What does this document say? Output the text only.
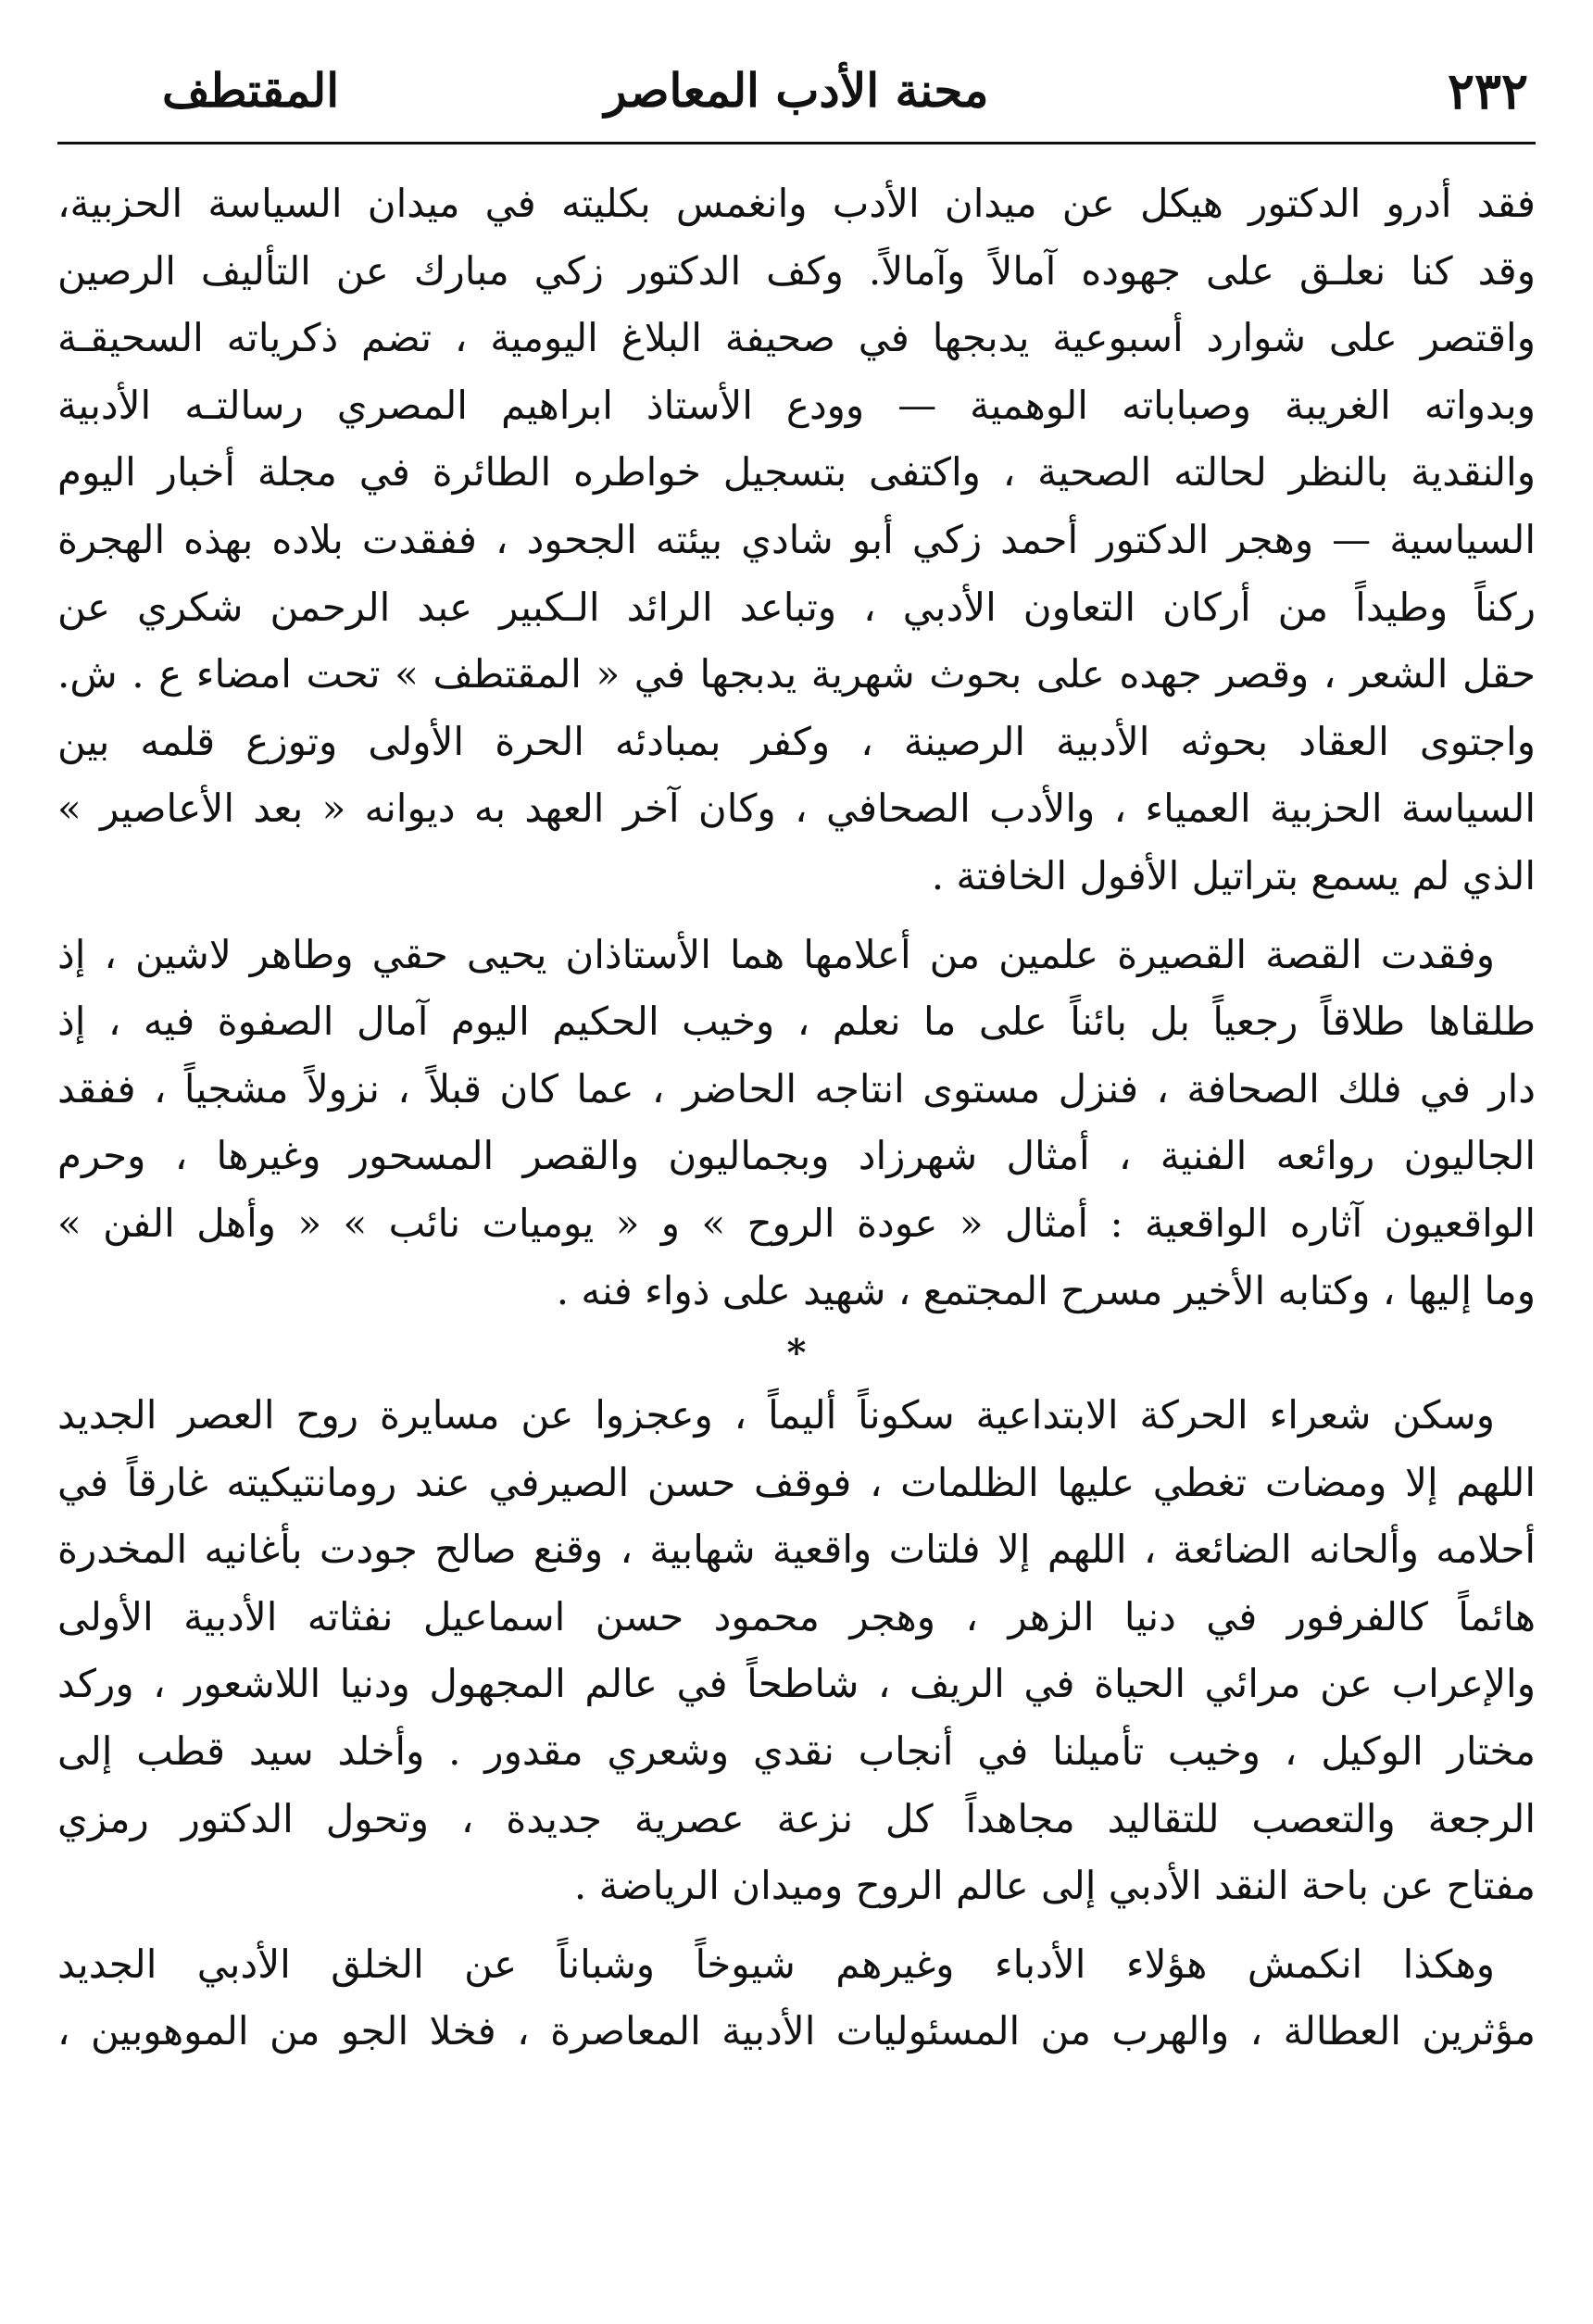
٢٣٢
محنة الأدب المعاصر
المقتطف
فقد أدرو الدكتور هيكل عن ميدان الأدب وانغمس بكليته في ميدان السياسة الحزبية،
وقد كنا نعلـق على جهوده آمالاً وآمالاً. وكف الدكتور زكي مبارك عن التأليف الرصين
واقتصر على شوارد أسبوعية يدبجها في صحيفة البلاغ اليومية ، تضم ذكرياته السحيقـة
وبدواته الغريبة وصباباته الوهمية — وودع الأستاذ ابراهيم المصري رسالتـه الأدبية
والنقدية بالنظر لحالته الصحية ، واكتفى بتسجيل خواطره الطائرة في مجلة أخبار اليوم
السياسية — وهجر الدكتور أحمد زكي أبو شادي بيئته الجحود ، ففقدت بلاده بهذه الهجرة
ركناً وطيداً من أركان التعاون الأدبي ، وتباعد الرائد الـكبير عبد الرحمن شكري عن
حقل الشعر ، وقصر جهده على بحوث شهرية يدبجها في « المقتطف » تحت امضاء ع . ش.
واجتوى العقاد بحوثه الأدبية الرصينة ، وكفر بمبادئه الحرة الأولى وتوزع قلمه بين
السياسة الحزبية العمياء ، والأدب الصحافي ، وكان آخر العهد به ديوانه « بعد الأعاصير »
الذي لم يسمع بتراتيل الأفول الخافتة .
وفقدت القصة القصيرة علمين من أعلامها هما الأستاذان يحيى حقي وطاهر لاشين ، إذ
طلقاها طلاقاً رجعياً بل بائناً على ما نعلم ، وخيب الحكيم اليوم آمال الصفوة فيه ، إذ
دار في فلك الصحافة ، فنزل مستوى انتاجه الحاضر ، عما كان قبلاً ، نزولاً مشجياً ، ففقد
الجاليون روائعه الفنية ، أمثال شهرزاد وبجماليون والقصر المسحور وغيرها ، وحرم
الواقعيون آثاره الواقعية : أمثال « عودة الروح » و « يوميات نائب » « وأهل الفن »
وما إليها ، وكتابه الأخير مسرح المجتمع ، شهيد على ذواء فنه .
*
وسكن شعراء الحركة الابتداعية سكوناً أليماً ، وعجزوا عن مسايرة روح العصر الجديد
اللهم إلا ومضات تغطي عليها الظلمات ، فوقف حسن الصيرفي عند رومانتيكيته غارقاً في
أحلامه وألحانه الضائعة ، اللهم إلا فلتات واقعية شهابية ، وقنع صالح جودت بأغانيه المخدرة
هائماً كالفرفور في دنيا الزهر ، وهجر محمود حسن اسماعيل نفثاته الأدبية الأولى
والإعراب عن مرائي الحياة في الريف ، شاطحاً في عالم المجهول ودنيا اللاشعور ، وركد
مختار الوكيل ، وخيب تأميلنا في أنجاب نقدي وشعري مقدور . وأخلد سيد قطب إلى
الرجعة والتعصب للتقاليد مجاهداً كل نزعة عصرية جديدة ، وتحول الدكتور رمزي
مفتاح عن باحة النقد الأدبي إلى عالم الروح وميدان الرياضة .
وهكذا انكمش هؤلاء الأدباء وغيرهم شيوخاً وشباناً عن الخلق الأدبي الجديد
مؤثرين العطالة ، والهرب من المسئوليات الأدبية المعاصرة ، فخلا الجو من الموهوبين ،
